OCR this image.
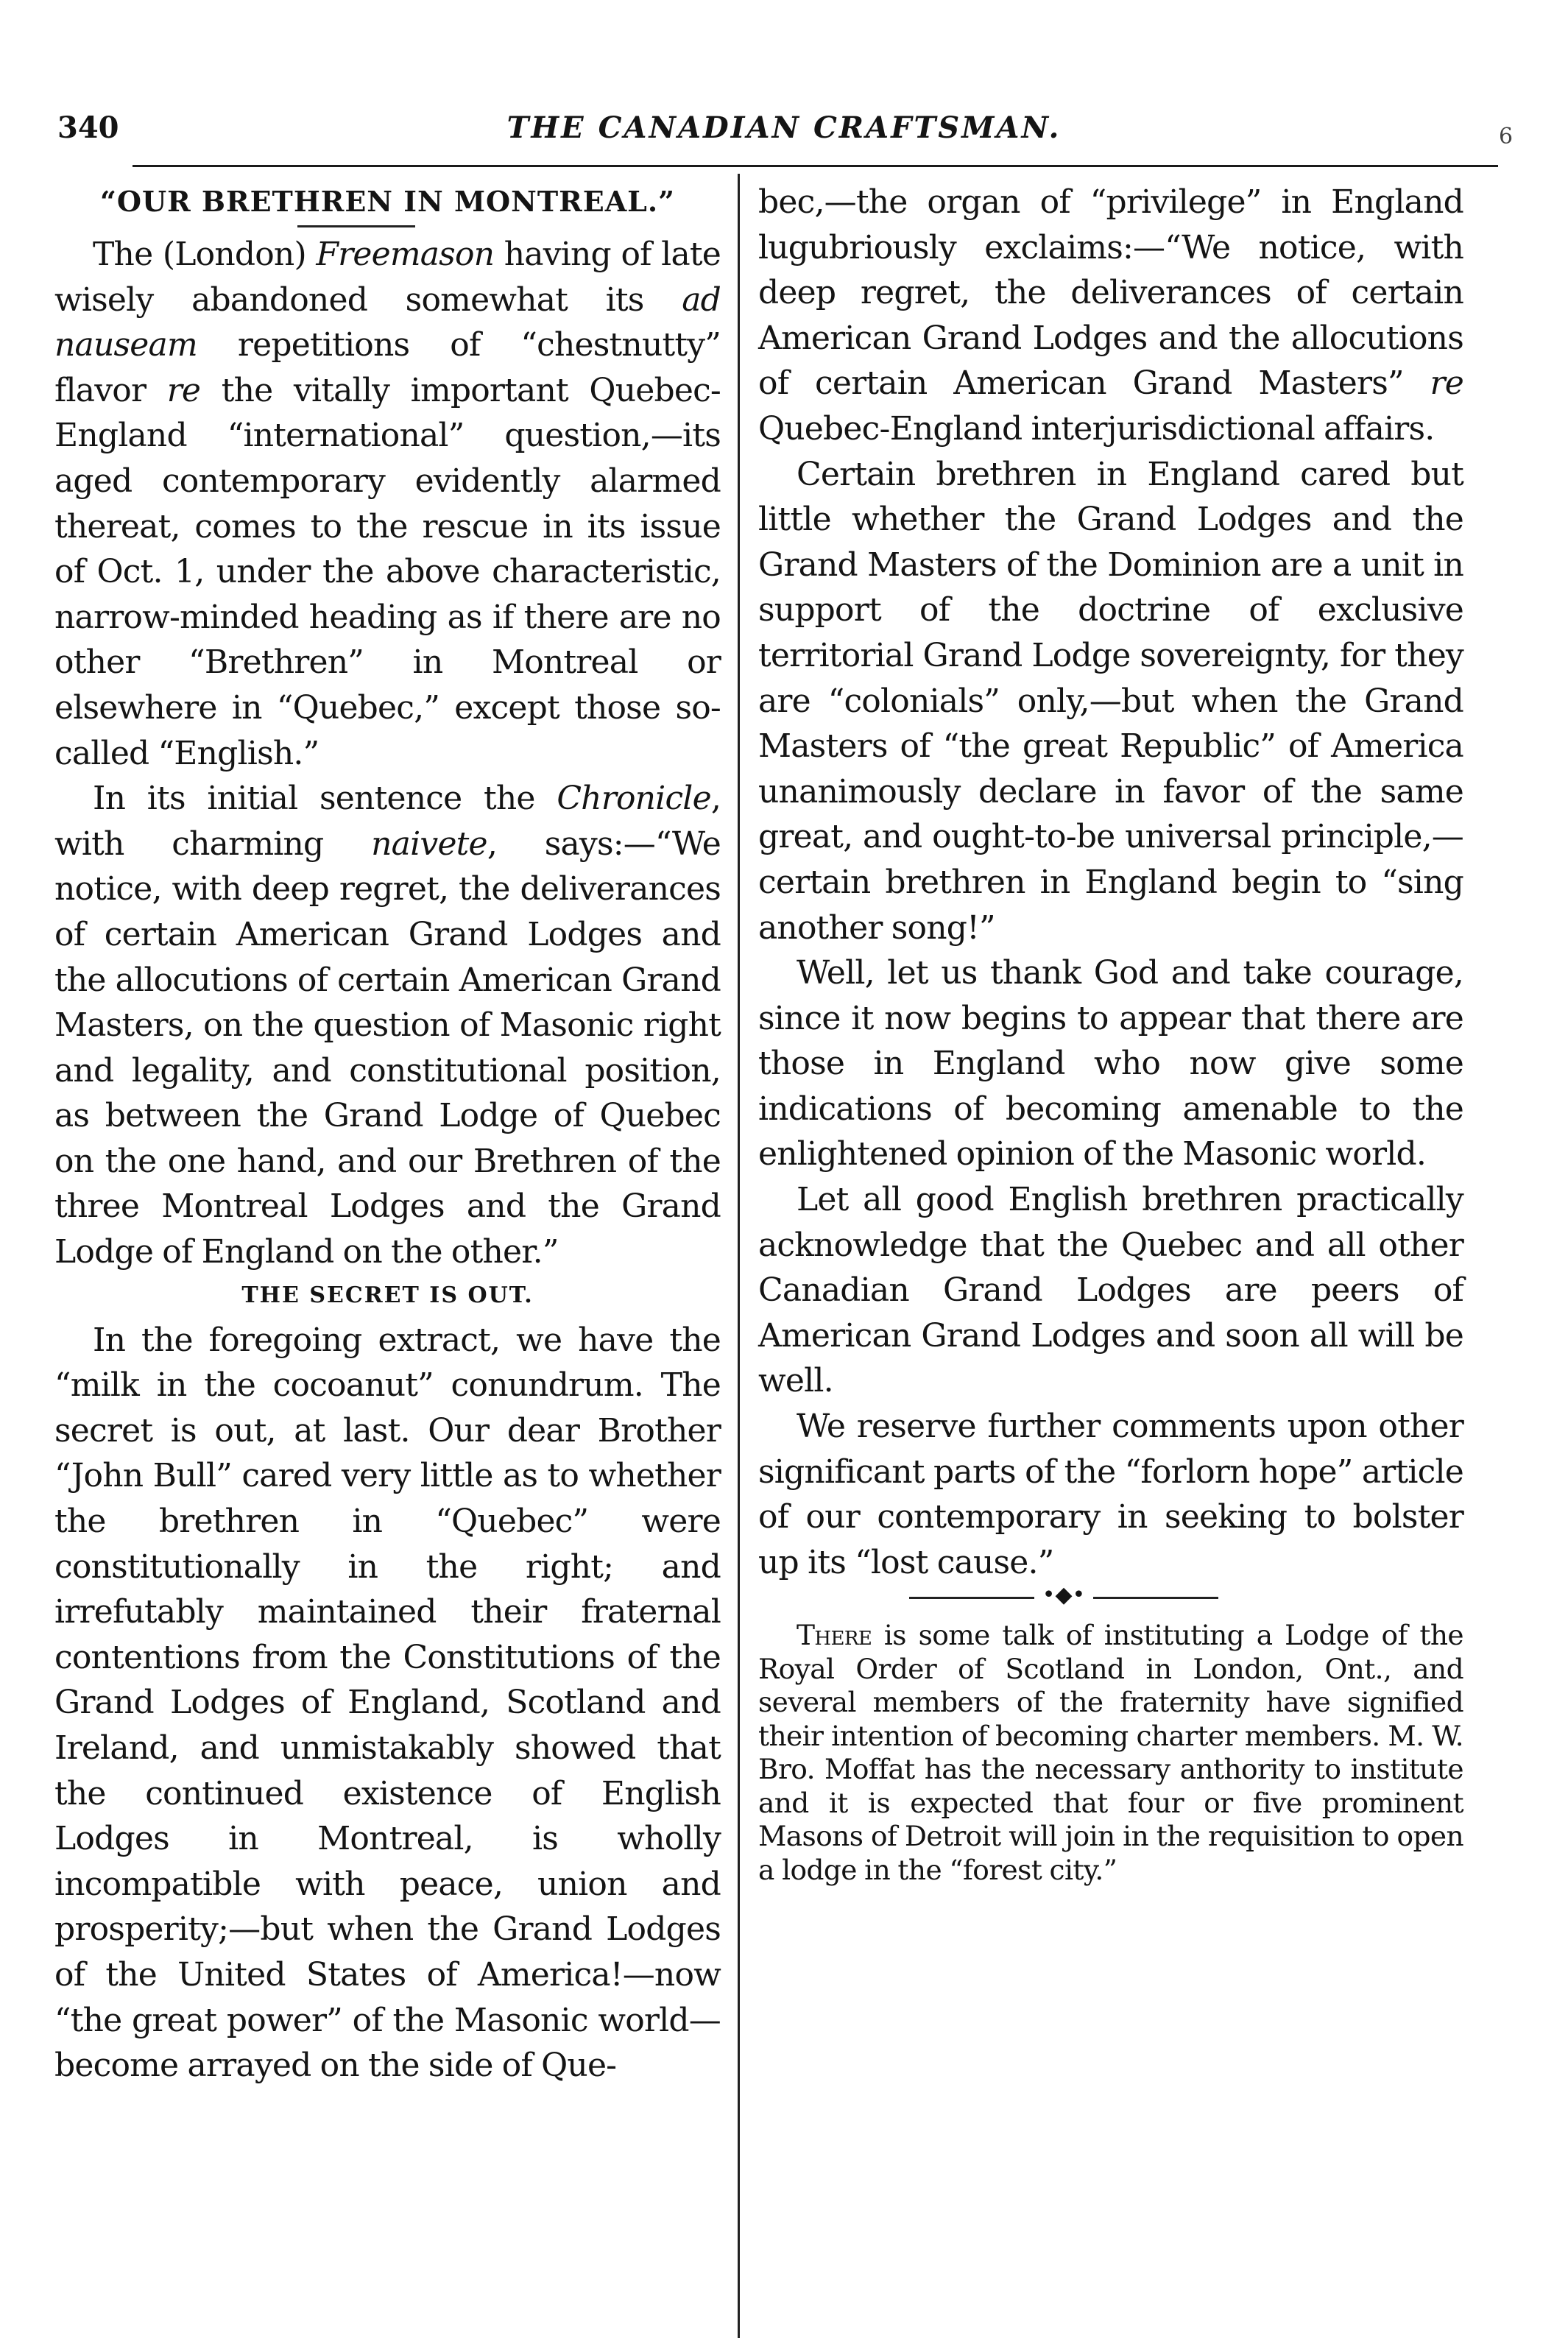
6
340	THE CANADIAN CRAFTSMAN.
“OUR BRETHREN IN MONTREAL.”

The (London) Freemason having of late wisely abandoned somewhat its ad nauseam repetitions of “chestnutty” flavor re the vitally important Quebec-England “international” question,—its aged contemporary evidently alarmed thereat, comes to the rescue in its issue of Oct. 1, under the above characteristic, narrow-minded heading as if there are no other “Brethren” in Montreal or elsewhere in “Quebec,” except those so-called “English.”

In its initial sentence the Chronicle, with charming naivete, says:—“We notice, with deep regret, the deliverances of certain American Grand Lodges and the allocutions of certain American Grand Masters, on the question of Masonic right and legality, and constitutional position, as between the Grand Lodge of Quebec on the one hand, and our Brethren of the three Montreal Lodges and the Grand Lodge of England on the other.”

THE SECRET IS OUT.

In the foregoing extract, we have the “milk in the cocoanut” conundrum. The secret is out, at last. Our dear Brother “John Bull” cared very little as to whether the brethren in “Quebec” were constitutionally in the right; and irrefutably maintained their fraternal contentions from the Constitutions of the Grand Lodges of England, Scotland and Ireland, and unmistakably showed that the continued existence of English Lodges in Montreal, is wholly incompatible with peace, union and prosperity;—but when the Grand Lodges of the United States of America!—now “the great power” of the Masonic world—become arrayed on the side of Que-

bec,—the organ of “privilege” in England lugubriously exclaims:—“We notice, with deep regret, the deliverances of certain American Grand Lodges and the allocutions of certain American Grand Masters” re Quebec-England interjurisdictional affairs.

Certain brethren in England cared but little whether the Grand Lodges and the Grand Masters of the Dominion are a unit in support of the doctrine of exclusive territorial Grand Lodge sovereignty, for they are “colonials” only,—but when the Grand Masters of “the great Republic” of America unanimously declare in favor of the same great, and ought-to-be universal principle,—certain brethren in England begin to “sing another song!”

Well, let us thank God and take courage, since it now begins to appear that there are those in England who now give some indications of becoming amenable to the enlightened opinion of the Masonic world.

Let all good English brethren practically acknowledge that the Quebec and all other Canadian Grand Lodges are peers of American Grand Lodges and soon all will be well.

We reserve further comments upon other significant parts of the “forlorn hope” article of our contemporary in seeking to bolster up its “lost cause.”

•◆•

There is some talk of instituting a Lodge of the Royal Order of Scotland in London, Ont., and several members of the fraternity have signified their intention of becoming charter members. M. W. Bro. Moffat has the necessary anthority to institute and it is expected that four or five prominent Masons of Detroit will join in the requisition to open a lodge in the “forest city.”
